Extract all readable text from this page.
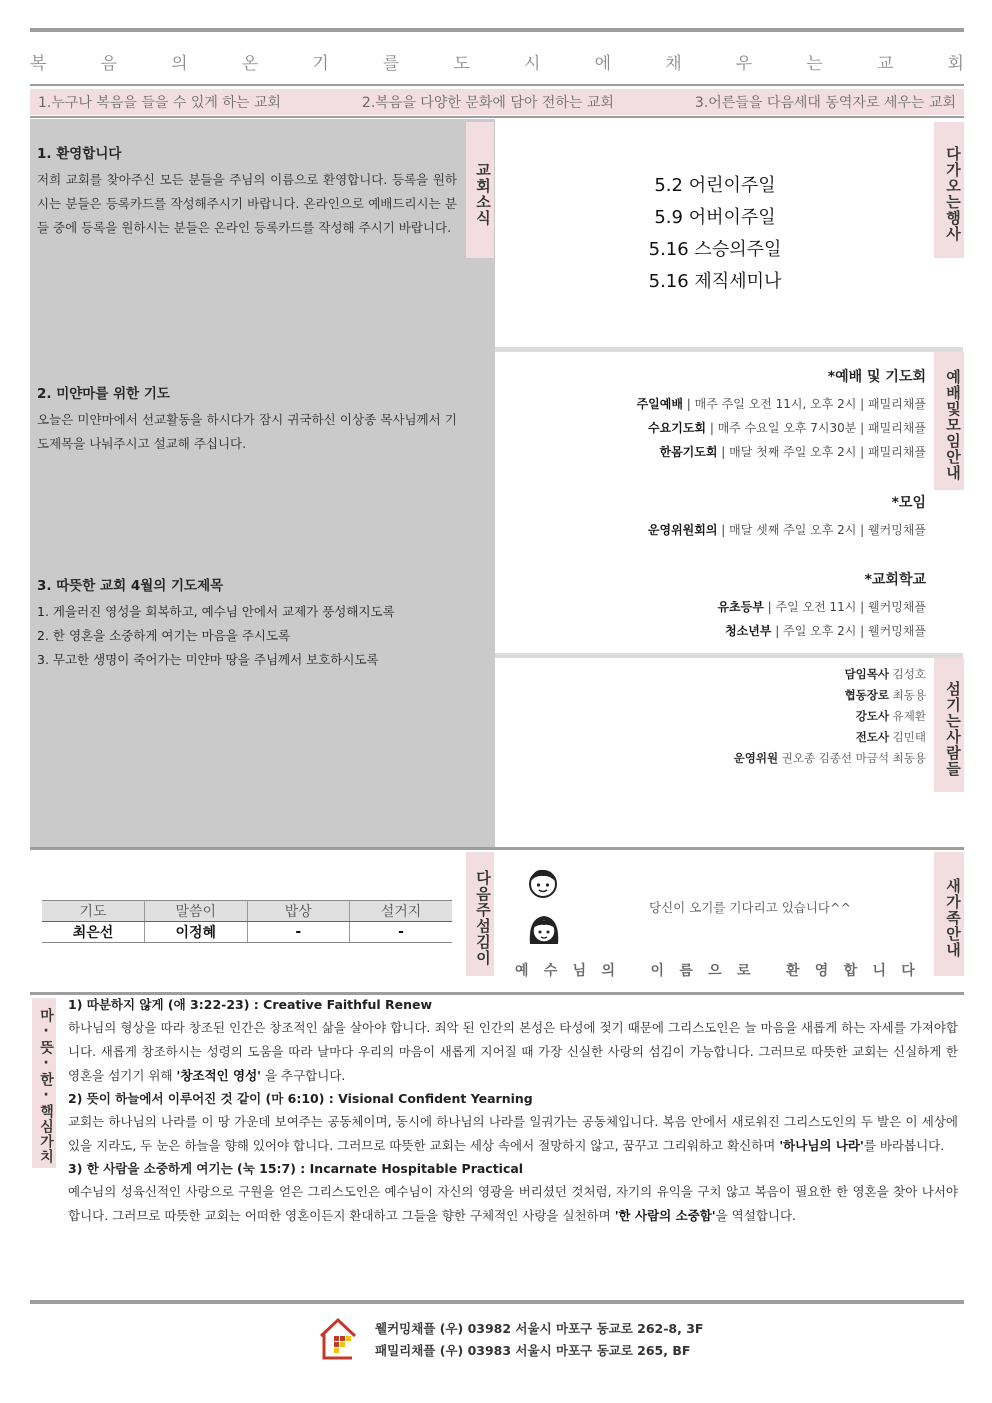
복	음	의	온	기	를	도	시	에	채	우	는	교	회
1.누구나 복음을 들을 수 있게 하는 교회	2.복음을 다양한 문화에 담아 전하는 교회	3.어른들을 다음세대 동역자로 세우는 교회
1. 환영합니다
저희 교회를 찾아주신 모든 분들을 주님의 이름으로 환영합니다. 등록을 원하시는 분들은 등록카드를 작성해주시기 바랍니다. 온라인으로 예배드리시는 분들 중에 등록을 원하시는 분들은 온라인 등록카드를 작성해 주시기 바랍니다.
2. 미얀마를 위한 기도
오늘은 미얀마에서 선교활동을 하시다가 잠시 귀국하신 이상종 목사님께서 기도제목을 나눠주시고 설교해 주십니다.
3. 따뜻한 교회 4월의 기도제목
1. 게을러진 영성을 회복하고, 예수님 안에서 교제가 풍성해지도록
2. 한 영혼을 소중하게 여기는 마음을 주시도록
3. 무고한 생명이 죽어가는 미얀마 땅을 주님께서 보호하시도록
교회소식	다가오는행사
예배및모임안내
섬기는사람들
다음주섬김이	새가족안내
마·뜻·한·핵심가치
5.2 어린이주일
5.9 어버이주일
5.16 스승의주일
5.16 제직세미나
*예배 및 기도회
주일예배 | 매주 주일 오전 11시, 오후 2시 | 패밀리채플
수요기도회 | 매주 수요일 오후 7시30분 | 패밀리채플
한몸기도회 | 매달 첫째 주일 오후 2시 | 패밀리채플
*모임
운영위원회의 | 매달 셋째 주일 오후 2시 | 웰커밍채플
*교회학교
유초등부 | 주일 오전 11시 | 웰커밍채플
청소년부 | 주일 오후 2시 | 웰커밍채플
담임목사 김성호
협동장로 최동용
강도사 유제환
전도사 김민태
운영위원 권오종 김종선 마금석 최동용
기도	말씀이	밥상	설거지
최은선	이정혜	-	-
당신이 오기를 기다리고 있습니다^^
예 수 님 의
	이 름 으 로
	환 영 합 니 다
1) 따분하지 않게 (애 3:22-23) : Creative Faithful Renew
하나님의 형상을 따라 창조된 인간은 창조적인 삶을 살아야 합니다. 죄악 된 인간의 본성은 타성에 젖기 때문에 그리스도인은 늘 마음을 새롭게 하는 자세를 가져야합니다. 새롭게 창조하시는 성령의 도움을 따라 날마다 우리의 마음이 새롭게 지어질 때 가장 신실한 사랑의 섬김이 가능합니다. 그러므로 따뜻한 교회는 신실하게 한 영혼을 섬기기 위해 '창조적인 영성' 을 추구합니다.
2) 뜻이 하늘에서 이루어진 것 같이 (마 6:10) : Visional Confident Yearning
교회는 하나님의 나라를 이 땅 가운데 보여주는 공동체이며, 동시에 하나님의 나라를 일궈가는 공동체입니다. 복음 안에서 새로워진 그리스도인의 두 발은 이 세상에 있을 지라도, 두 눈은 하늘을 향해 있어야 합니다. 그러므로 따뜻한 교회는 세상 속에서 절망하지 않고, 꿈꾸고 그리워하고 확신하며 '하나님의 나라'를 바라봅니다.
3) 한 사람을 소중하게 여기는 (눅 15:7) : Incarnate Hospitable Practical
예수님의 성육신적인 사랑으로 구원을 얻은 그리스도인은 예수님이 자신의 영광을 버리셨던 것처럼, 자기의 유익을 구치 않고 복음이 필요한 한 영혼을 찾아 나서야 합니다. 그러므로 따뜻한 교회는 어떠한 영혼이든지 환대하고 그들을 향한 구체적인 사랑을 실천하며 '한 사람의 소중함'을 역설합니다.
웰커밍채플 (우) 03982 서울시 마포구 동교로 262-8, 3F
패밀리채플 (우) 03983 서울시 마포구 동교로 265, BF
